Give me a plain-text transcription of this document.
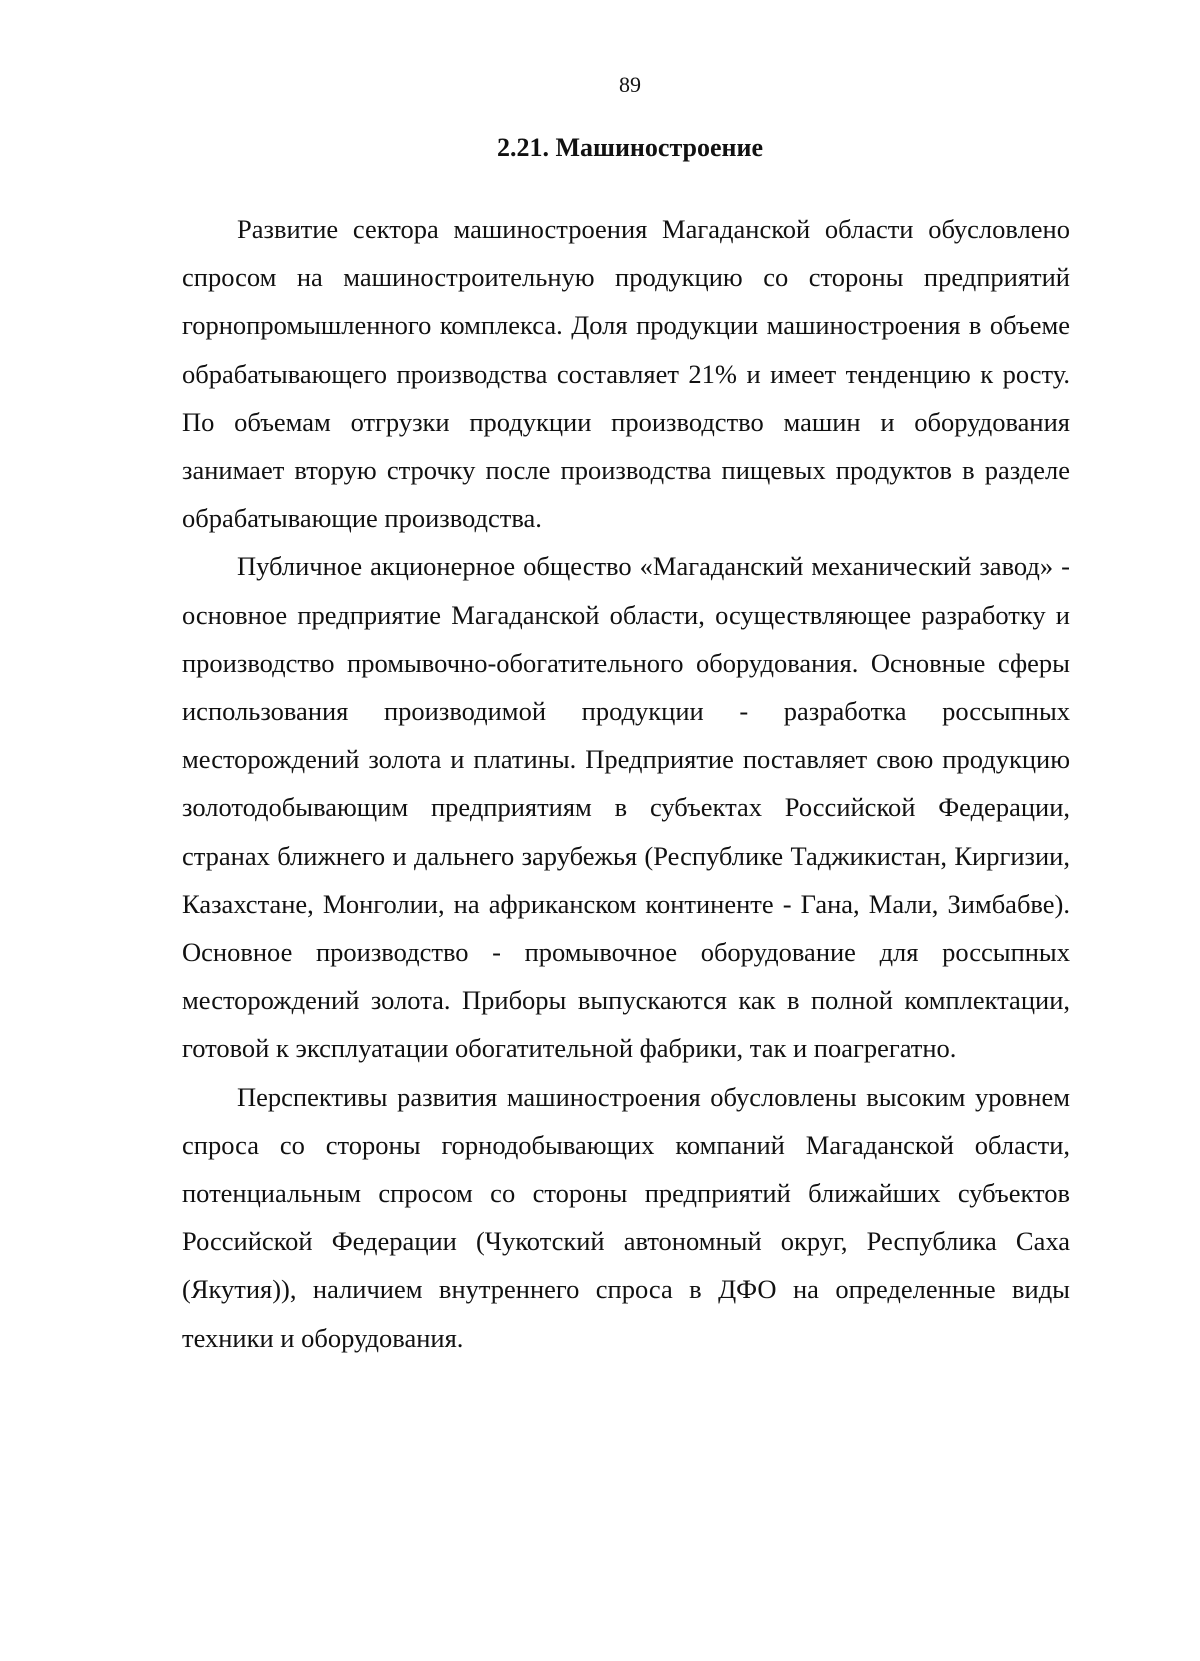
89
2.21. Машиностроение

Развитие сектора машиностроения Магаданской области обусловлено спросом на машиностроительную продукцию со стороны предприятий горнопромышленного комплекса. Доля продукции машиностроения в объеме обрабатывающего производства составляет 21% и имеет тенденцию к росту. По объемам отгрузки продукции производство машин и оборудования занимает вторую строчку после производства пищевых продуктов в разделе обрабатывающие производства.

Публичное акционерное общество «Магаданский механический завод» - основное предприятие Магаданской области, осуществляющее разработку и производство промывочно-обогатительного оборудования. Основные сферы использования производимой продукции - разработка россыпных месторождений золота и платины. Предприятие поставляет свою продукцию золотодобывающим предприятиям в субъектах Российской Федерации, странах ближнего и дальнего зарубежья (Республике Таджикистан, Киргизии, Казахстане, Монголии, на африканском континенте - Гана, Мали, Зимбабве). Основное производство - промывочное оборудование для россыпных месторождений золота. Приборы выпускаются как в полной комплектации, готовой к эксплуатации обогатительной фабрики, так и поагрегатно.

Перспективы развития машиностроения обусловлены высоким уровнем спроса со стороны горнодобывающих компаний Магаданской области, потенциальным спросом со стороны предприятий ближайших субъектов Российской Федерации (Чукотский автономный округ, Республика Саха (Якутия)), наличием внутреннего спроса в ДФО на определенные виды техники и оборудования.
